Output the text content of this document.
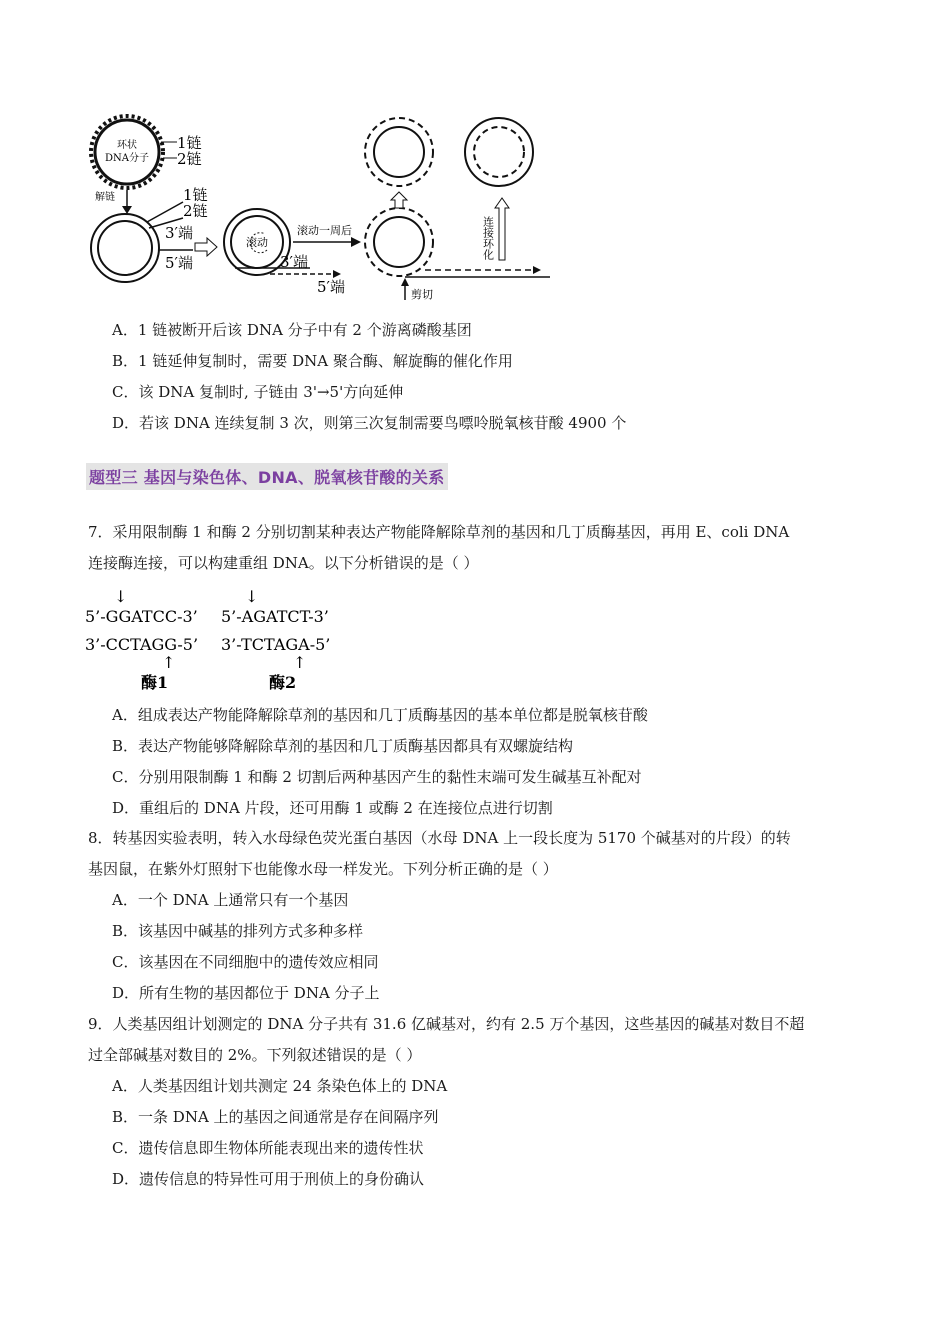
环状
DNA分子
1链
2链
解链	1链
2链
3′端
5′端
滚动
3′端
5′端
滚动一周后
剪切
连接环化
A．1 链被断开后该 DNA 分子中有 2 个游离磷酸基团
B．1 链延伸复制时，需要 DNA 聚合酶、解旋酶的催化作用
C．该 DNA 复制时, 子链由 3'→5'方向延伸
D．若该 DNA 连续复制 3 次，则第三次复制需要鸟嘌呤脱氧核苷酸 4900 个
题型三 基因与染色体、DNA、脱氧核苷酸的关系
7．采用限制酶 1 和酶 2 分别切割某种表达产物能降解除草剂的基因和几丁质酶基因，再用 E、coli DNA
连接酶连接，可以构建重组 DNA。以下分析错误的是（ ）
↓	↓
5’-GGATCC-3’ 5’-AGATCT-3’
3’-CCTAGG-5’ 3’-TCTAGA-5’
↑	↑
酶1	酶2
A．组成表达产物能降解除草剂的基因和几丁质酶基因的基本单位都是脱氧核苷酸
B．表达产物能够降解除草剂的基因和几丁质酶基因都具有双螺旋结构
C．分别用限制酶 1 和酶 2 切割后两种基因产生的黏性末端可发生碱基互补配对
D．重组后的 DNA 片段，还可用酶 1 或酶 2 在连接位点进行切割
8．转基因实验表明，转入水母绿色荧光蛋白基因（水母 DNA 上一段长度为 5170 个碱基对的片段）的转
基因鼠，在紫外灯照射下也能像水母一样发光。下列分析正确的是（ ）
A．一个 DNA 上通常只有一个基因
B．该基因中碱基的排列方式多种多样
C．该基因在不同细胞中的遗传效应相同
D．所有生物的基因都位于 DNA 分子上
9．人类基因组计划测定的 DNA 分子共有 31.6 亿碱基对，约有 2.5 万个基因，这些基因的碱基对数目不超
过全部碱基对数目的 2%。下列叙述错误的是（ ）
A．人类基因组计划共测定 24 条染色体上的 DNA
B．一条 DNA 上的基因之间通常是存在间隔序列
C．遗传信息即生物体所能表现出来的遗传性状
D．遗传信息的特异性可用于刑侦上的身份确认
